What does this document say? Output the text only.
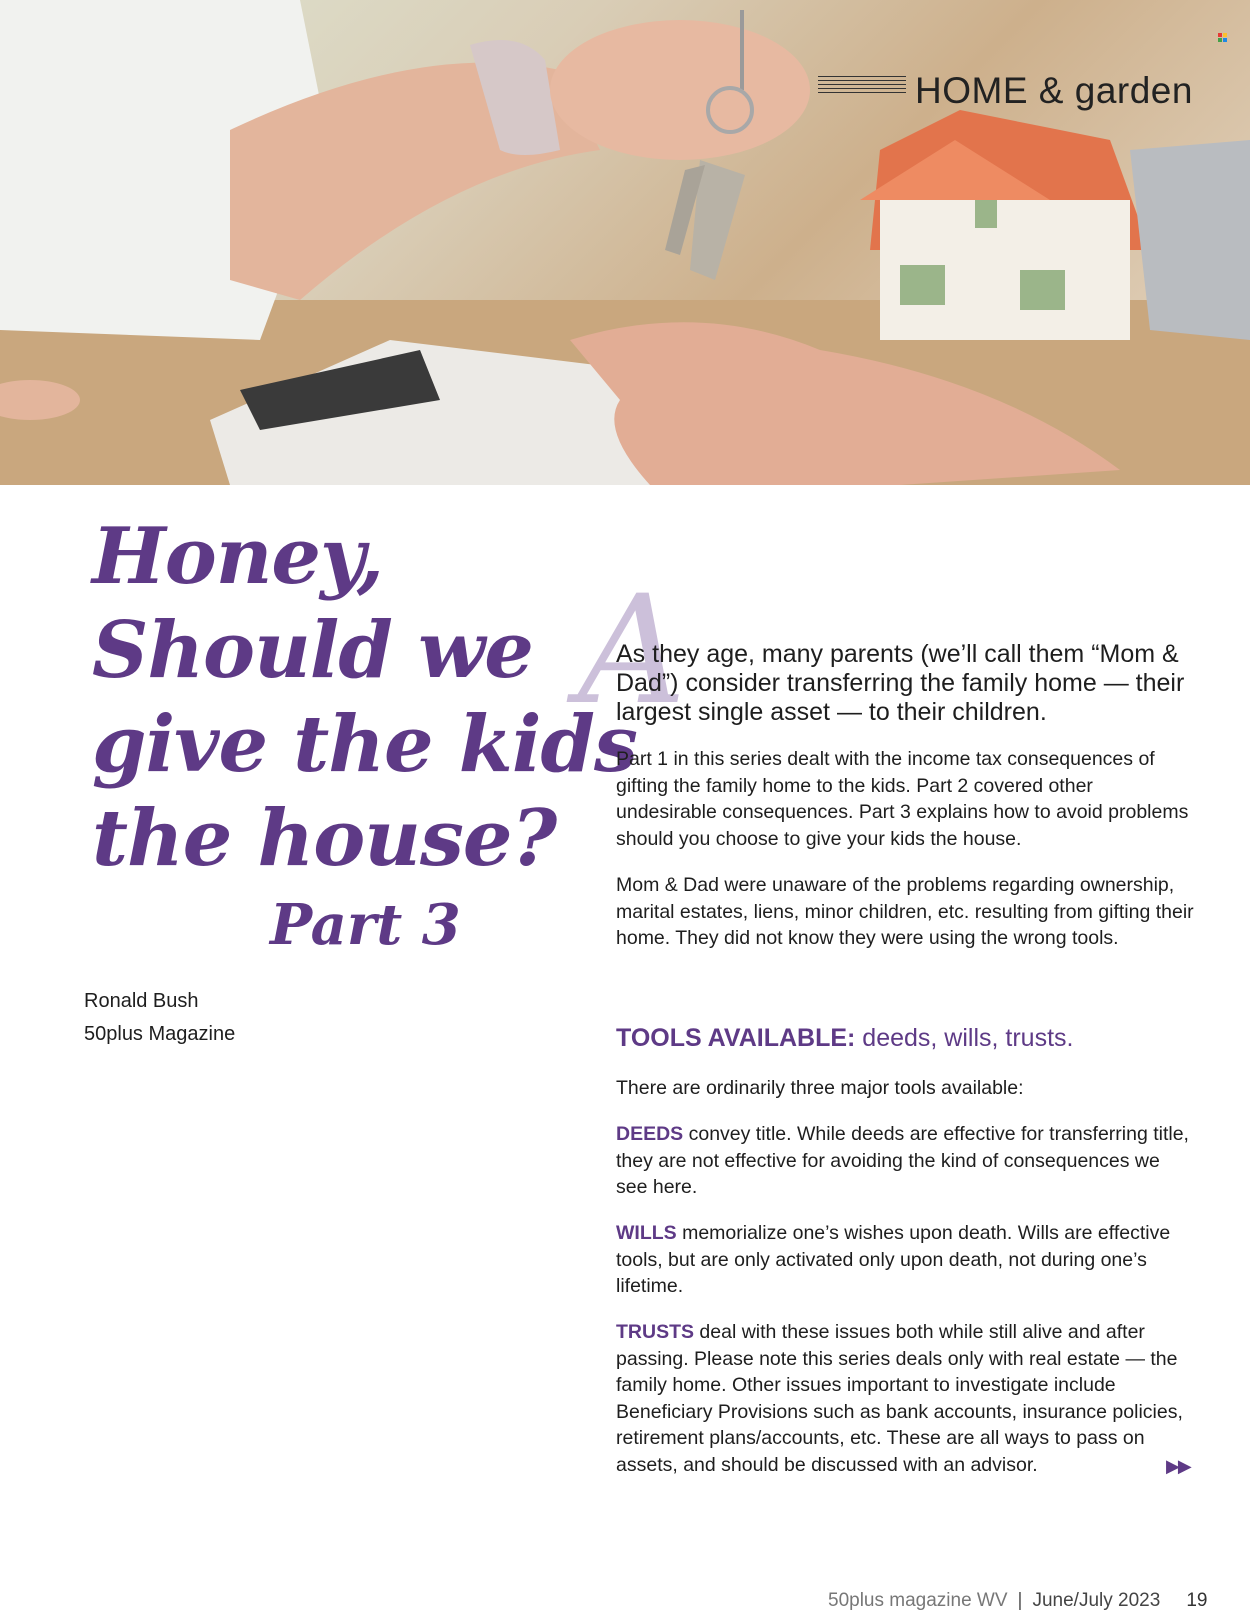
HOME & garden
Honey,
Should we
give the kids
the house?
Part 3
Ronald Bush
50plus Magazine
A
As they age, many parents (we’ll call them “Mom & Dad”) consider transferring the family home — their largest single asset — to their children.
Part 1 in this series dealt with the income tax consequences of gifting the family home to the kids. Part 2 covered other undesirable consequences. Part 3 explains how to avoid problems should you choose to give your kids the house.
Mom & Dad were unaware of the problems regarding ownership, marital estates, liens, minor children, etc. resulting from gifting their home. They did not know they were using the wrong tools.
TOOLS AVAILABLE: deeds, wills, trusts.
There are ordinarily three major tools available:
DEEDS convey title. While deeds are effective for transferring title, they are not effective for avoiding the kind of consequences we see here.
WILLS memorialize one’s wishes upon death. Wills are effective tools, but are only activated only upon death, not during one’s lifetime.
TRUSTS deal with these issues both while still alive and after passing. Please note this series deals only with real estate — the family home. Other issues important to investigate include Beneficiary Provisions such as bank accounts, insurance policies, retirement plans/accounts, etc. These are all ways to pass on assets, and should be discussed with an advisor.	▶▶
50plus magazine WV | June/July 2023 19
